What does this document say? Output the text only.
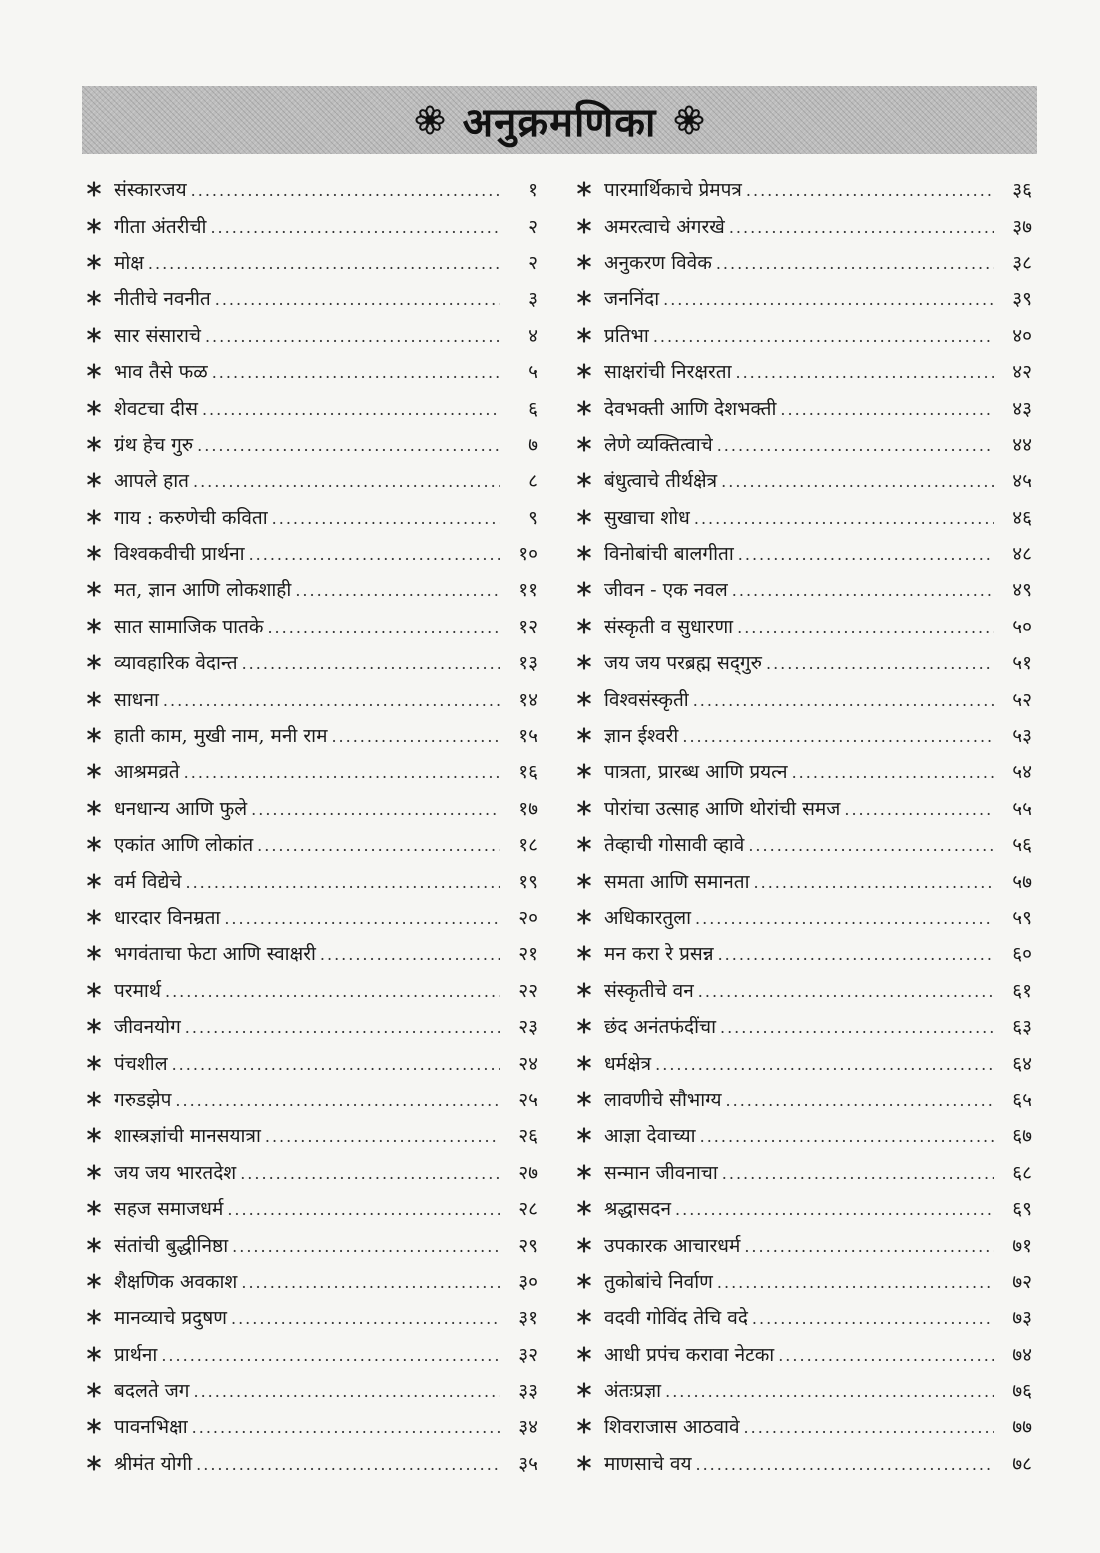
अनुक्रमणिका
संस्कारजय .....	१
गीता अंतरीची .....	२
मोक्ष .....	२
नीतीचे नवनीत .....	३
सार संसाराचे .....	४
भाव तैसे फळ .....	५
शेवटचा दीस .....	६
ग्रंथ हेच गुरु .....	७
आपले हात .....	८
गाय : करुणेची कविता .....	९
विश्वकवीची प्रार्थना .....	१०
मत, ज्ञान आणि लोकशाही .....	११
सात सामाजिक पातके .....	१२
व्यावहारिक वेदान्त .....	१३
साधना .....	१४
हाती काम, मुखी नाम, मनी राम .....	१५
आश्रमव्रते .....	१६
धनधान्य आणि फुले .....	१७
एकांत आणि लोकांत .....	१८
वर्म विद्येचे .....	१९
धारदार विनम्रता .....	२०
भगवंताचा फेटा आणि स्वाक्षरी .....	२१
परमार्थ .....	२२
जीवनयोग .....	२३
पंचशील .....	२४
गरुडझेप .....	२५
शास्त्रज्ञांची मानसयात्रा .....	२६
जय जय भारतदेश .....	२७
सहज समाजधर्म .....	२८
संतांची बुद्धीनिष्ठा .....	२९
शैक्षणिक अवकाश .....	३०
मानव्याचे प्रदुषण .....	३१
प्रार्थना .....	३२
बदलते जग .....	३३
पावनभिक्षा .....	३४
श्रीमंत योगी .....	३५
पारमार्थिकाचे प्रेमपत्र .....	३६
अमरत्वाचे अंगरखे .....	३७
अनुकरण विवेक .....	३८
जननिंदा .....	३९
प्रतिभा .....	४०
साक्षरांची निरक्षरता .....	४२
देवभक्ती आणि देशभक्ती .....	४३
लेणे व्यक्तित्वाचे .....	४४
बंधुत्वाचे तीर्थक्षेत्र .....	४५
सुखाचा शोध .....	४६
विनोबांची बालगीता .....	४८
जीवन - एक नवल .....	४९
संस्कृती व सुधारणा .....	५०
जय जय परब्रह्म सद्‌गुरु .....	५१
विश्वसंस्कृती .....	५२
ज्ञान ईश्वरी .....	५३
पात्रता, प्रारब्ध आणि प्रयत्न .....	५४
पोरांचा उत्साह आणि थोरांची समज .....	५५
तेव्हाची गोसावी व्हावे .....	५६
समता आणि समानता .....	५७
अधिकारतुला .....	५९
मन करा रे प्रसन्न .....	६०
संस्कृतीचे वन .....	६१
छंद अनंतफंदींचा .....	६३
धर्मक्षेत्र .....	६४
लावणीचे सौभाग्य .....	६५
आज्ञा देवाच्या .....	६७
सन्मान जीवनाचा .....	६८
श्रद्धासदन .....	६९
उपकारक आचारधर्म .....	७१
तुकोबांचे निर्वाण .....	७२
वदवी गोविंद तेचि वदे .....	७३
आधी प्रपंच करावा नेटका .....	७४
अंतःप्रज्ञा .....	७६
शिवराजास आठवावे .....	७७
माणसाचे वय .....	७८
